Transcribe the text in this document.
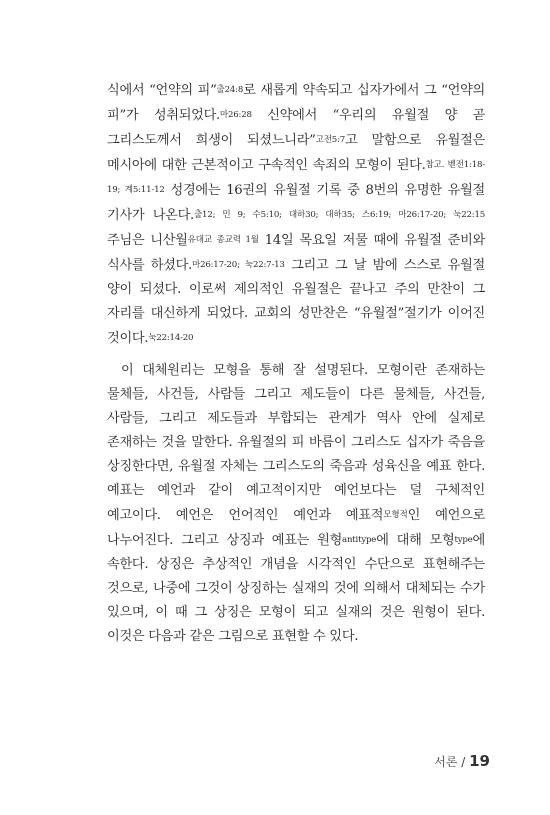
식에서 “언약의 피”출24:8로 새롭게 약속되고 십자가에서 그 “언약의 피”가 성취되었다.마26:28 신약에서 “우리의 유월절 양 곧 그리스도께서 희생이 되셨느니라”고전5:7고 말함으로 유월절은 메시아에 대한 근본적이고 구속적인 속죄의 모형이 된다.참고. 벧전1:18-19; 계5:11-12 성경에는 16권의 유월절 기록 중 8번의 유명한 유월절 기사가 나온다.출12; 민 9; 수5:10; 대하30; 대하35; 스6:19; 마26:17-20; 눅22:15 주님은 니산월유대교 종교력 1월 14일 목요일 저물 때에 유월절 준비와 식사를 하셨다.마26:17-20; 눅22:7-13 그리고 그 날 밤에 스스로 유월절 양이 되셨다. 이로써 제의적인 유월절은 끝나고 주의 만찬이 그 자리를 대신하게 되었다. 교회의 성만찬은 “유월절”절기가 이어진 것이다.눅22:14-20

이 대체원리는 모형을 통해 잘 설명된다. 모형이란 존재하는 물체들, 사건들, 사람들 그리고 제도들이 다른 물체들, 사건들, 사람들, 그리고 제도들과 부합되는 관계가 역사 안에 실제로 존재하는 것을 말한다. 유월절의 피 바름이 그리스도 십자가 죽음을 상징한다면, 유월절 자체는 그리스도의 죽음과 성육신을 예표 한다. 예표는 예언과 같이 예고적이지만 예언보다는 덜 구체적인 예고이다. 예언은 언어적인 예언과 예표적모형적인 예언으로 나누어진다. 그리고 상징과 예표는 원형antitype에 대해 모형type에 속한다. 상징은 추상적인 개념을 시각적인 수단으로 표현해주는 것으로, 나중에 그것이 상징하는 실재의 것에 의해서 대체되는 수가 있으며, 이 때 그 상징은 모형이 되고 실재의 것은 원형이 된다. 이것은 다음과 같은 그림으로 표현할 수 있다.

서론 / 19
